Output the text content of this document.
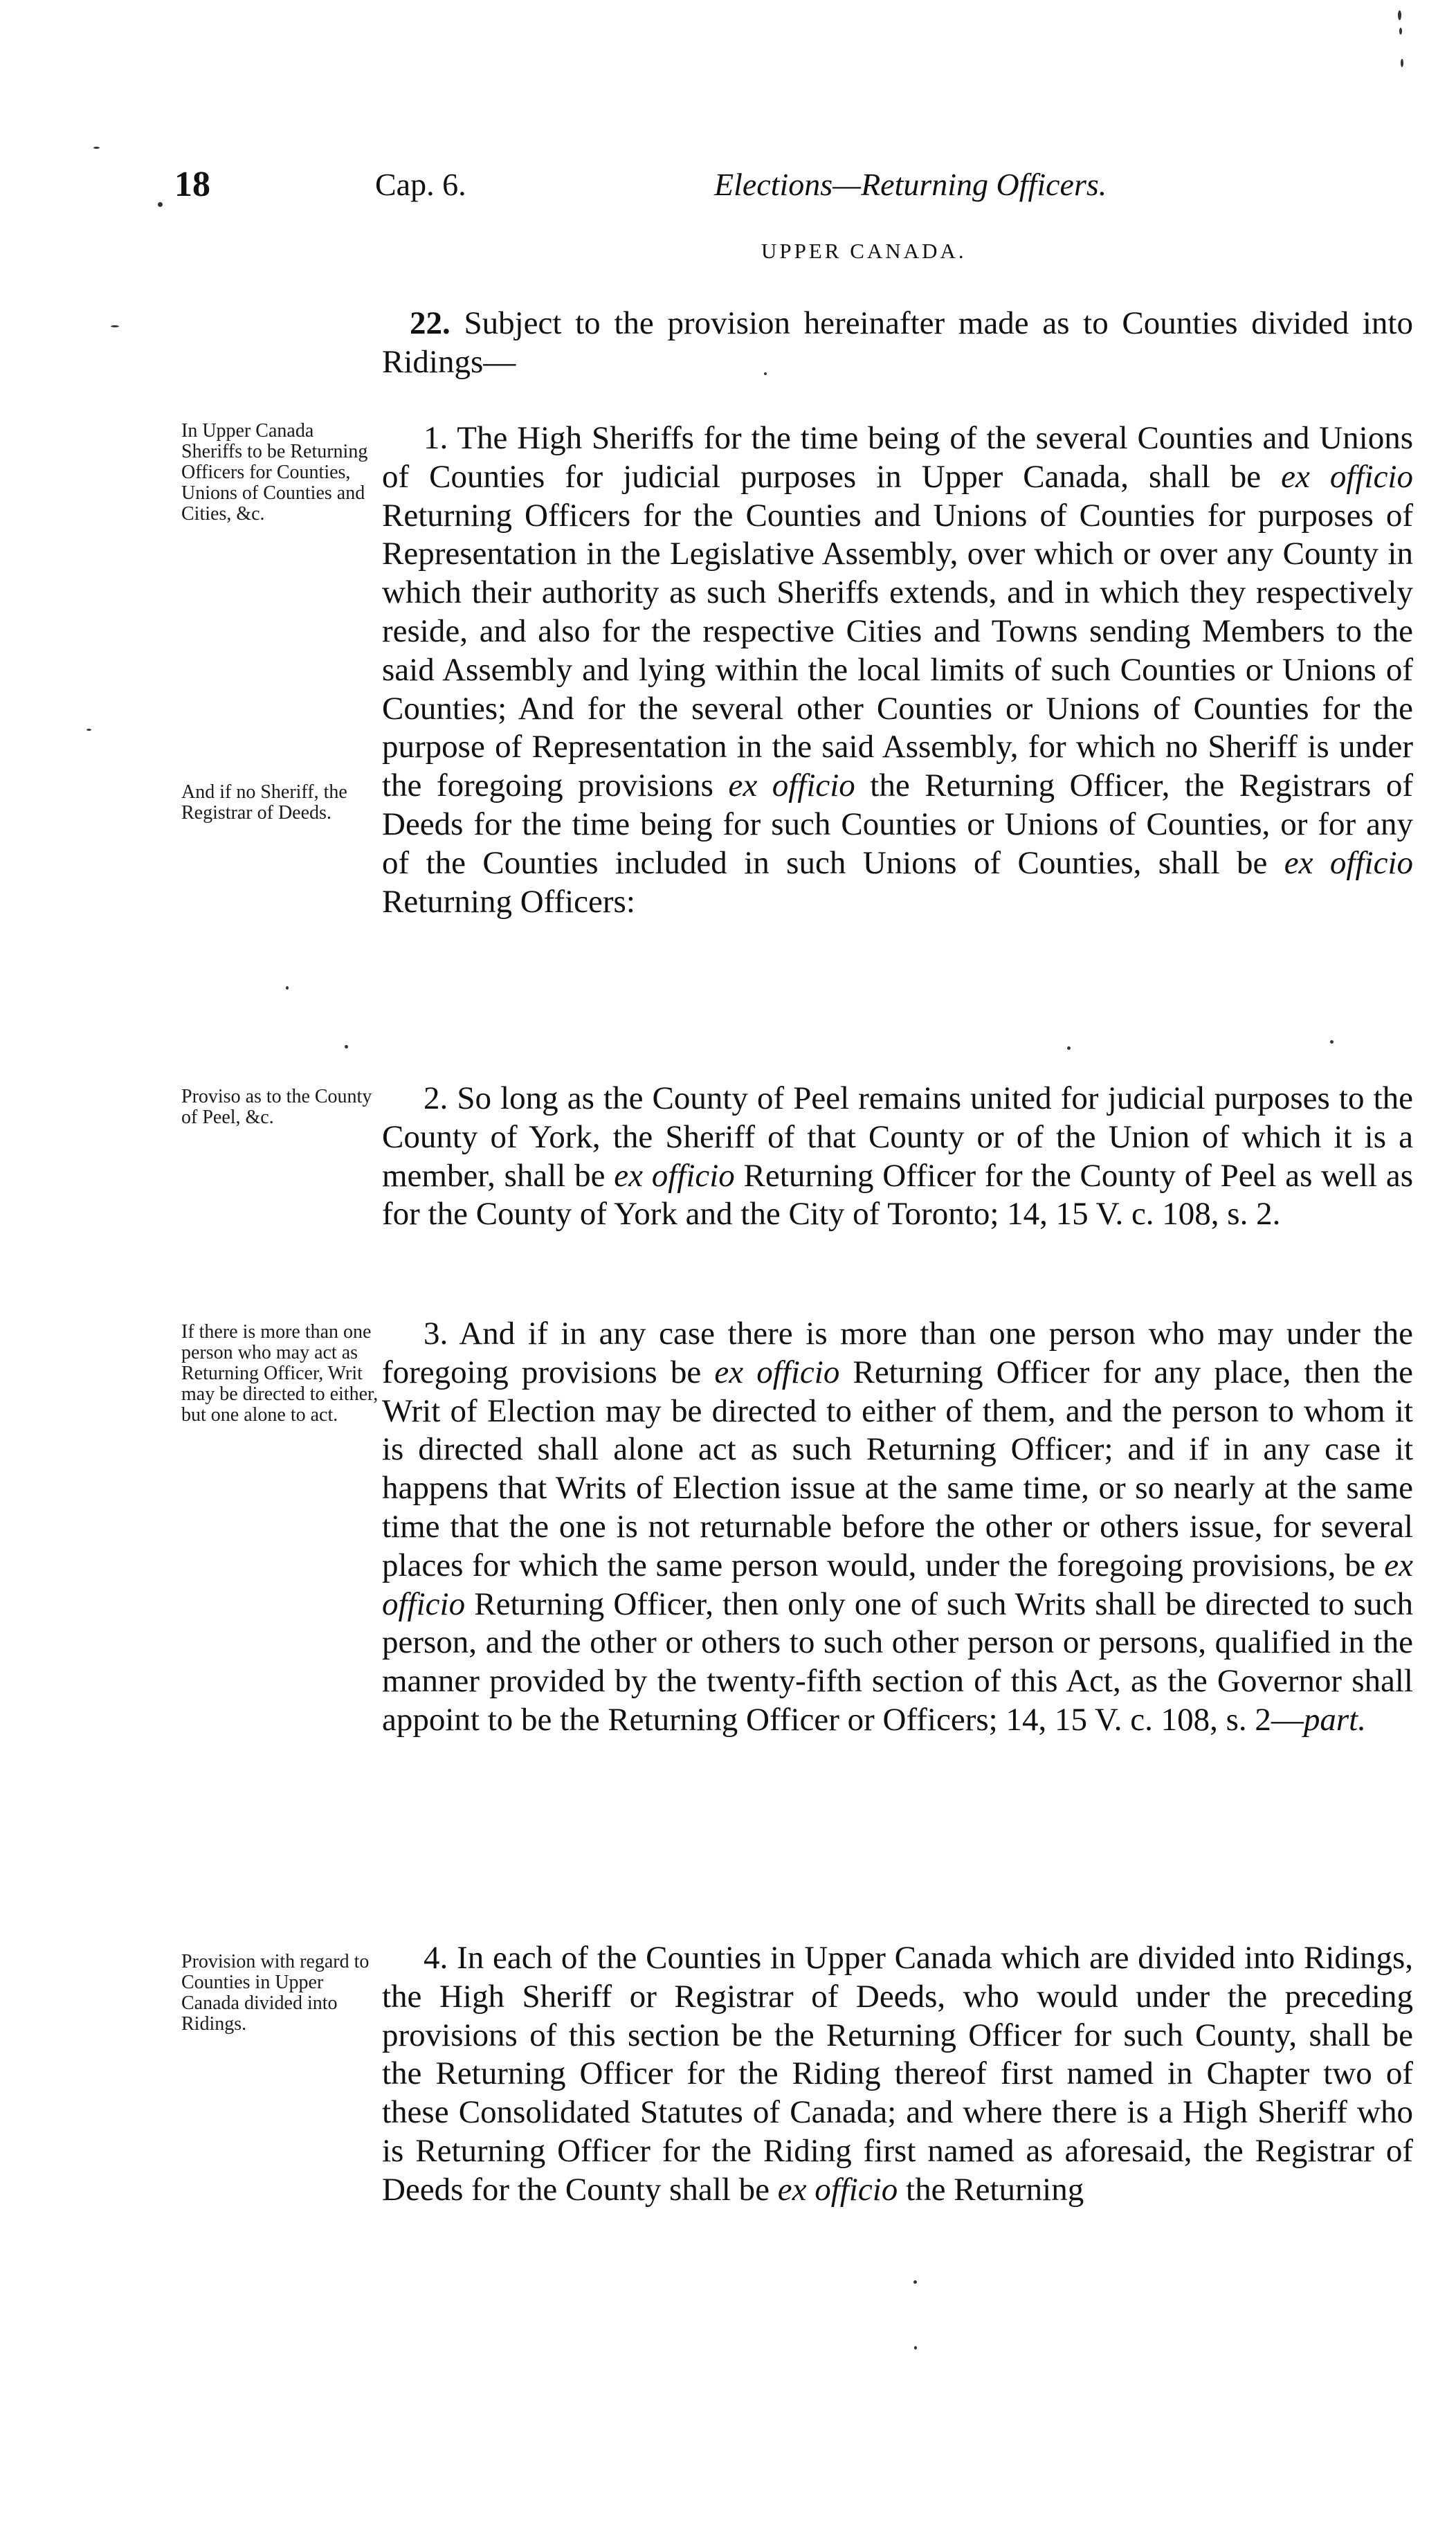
18	Cap. 6.	Elections—Returning Officers.
UPPER CANADA.
22. Subject to the provision hereinafter made as to Counties divided into Ridings—
In Upper Canada Sheriffs to be Returning Officers for Counties, Unions of Counties and Cities, &c.
1. The High Sheriffs for the time being of the several Counties and Unions of Counties for judicial purposes in Upper Canada, shall be ex officio Returning Officers for the Counties and Unions of Counties for purposes of Representation in the Legislative Assembly, over which or over any County in which their authority as such Sheriffs extends, and in which they respectively reside, and also for the respective Cities and Towns sending Members to the said Assembly and lying within the local limits of such Counties or Unions of Counties; And for the several other Counties or Unions of Counties for the purpose of Representation in the said Assembly, for which no Sheriff is under the foregoing provisions ex officio the Returning Officer, the Registrars of Deeds for the time being for such Counties or Unions of Counties, or for any of the Counties included in such Unions of Counties, shall be ex officio Returning Officers:
And if no Sheriff, the Registrar of Deeds.
Proviso as to the County of Peel, &c.
2. So long as the County of Peel remains united for judicial purposes to the County of York, the Sheriff of that County or of the Union of which it is a member, shall be ex officio Returning Officer for the County of Peel as well as for the County of York and the City of Toronto; 14, 15 V. c. 108, s. 2.
If there is more than one person who may act as Returning Officer, Writ may be directed to either, but one alone to act.
3. And if in any case there is more than one person who may under the foregoing provisions be ex officio Returning Officer for any place, then the Writ of Election may be directed to either of them, and the person to whom it is directed shall alone act as such Returning Officer; and if in any case it happens that Writs of Election issue at the same time, or so nearly at the same time that the one is not returnable before the other or others issue, for several places for which the same person would, under the foregoing provisions, be ex officio Returning Officer, then only one of such Writs shall be directed to such person, and the other or others to such other person or persons, qualified in the manner provided by the twenty-fifth section of this Act, as the Governor shall appoint to be the Returning Officer or Officers; 14, 15 V. c. 108, s. 2—part.
Provision with regard to Counties in Upper Canada divided into Ridings.
4. In each of the Counties in Upper Canada which are divided into Ridings, the High Sheriff or Registrar of Deeds, who would under the preceding provisions of this section be the Returning Officer for such County, shall be the Returning Officer for the Riding thereof first named in Chapter two of these Consolidated Statutes of Canada; and where there is a High Sheriff who is Returning Officer for the Riding first named as aforesaid, the Registrar of Deeds for the County shall be ex officio the Returning
